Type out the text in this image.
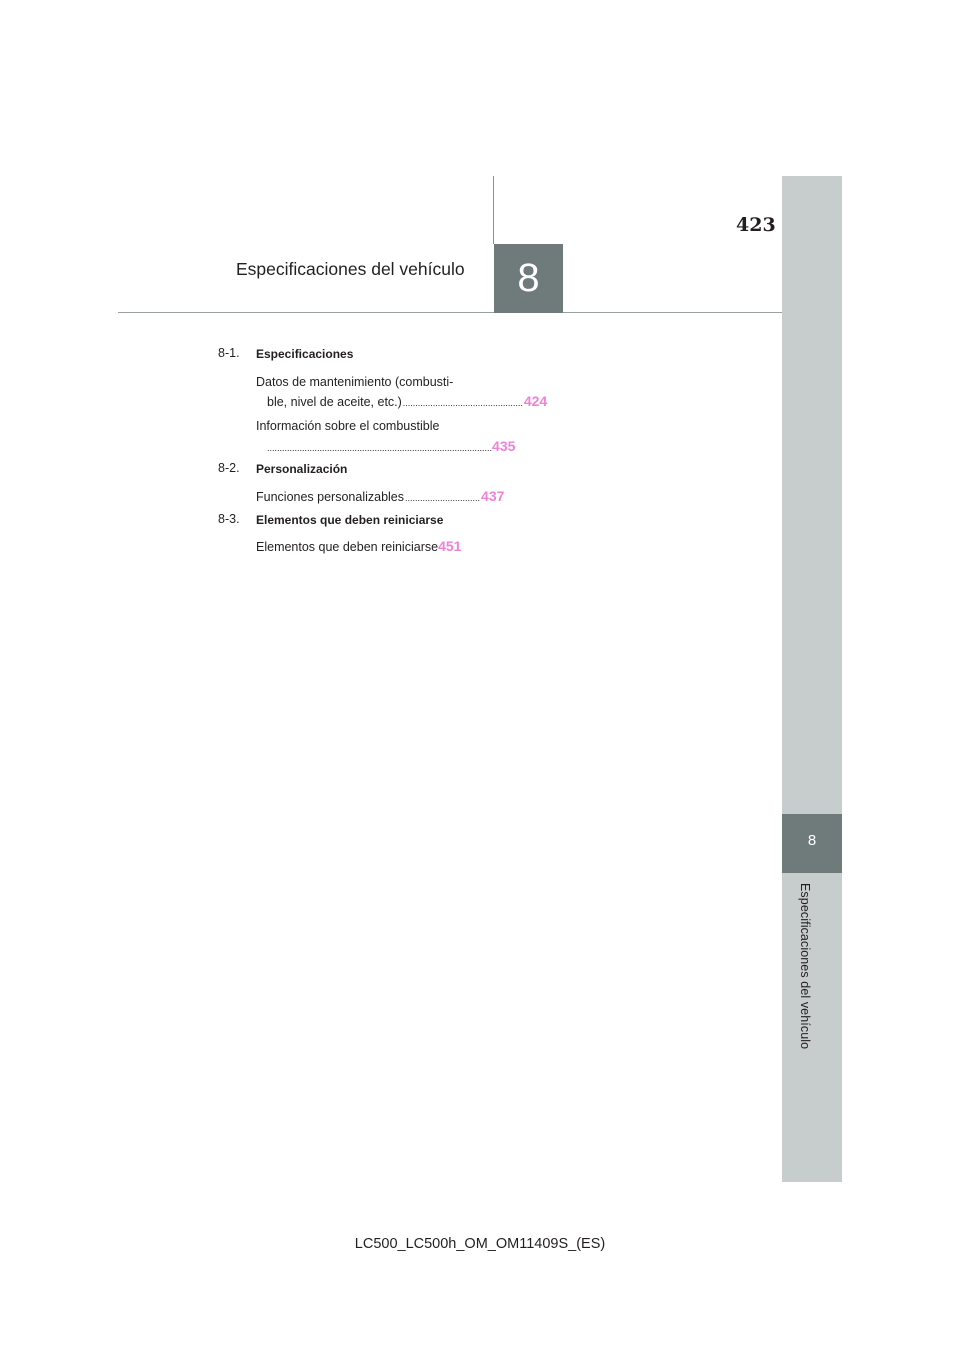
8
Especificaciones del vehículo
8
Especificaciones del vehículo
423
8-1. Especificaciones
Datos de mantenimiento (combusti-
ble, nivel de aceite, etc.) ................................................ 424
Información sobre el combustible
.......................................................................................... 435
8-2. Personalización
Funciones personalizables .............................. 437
8-3. Elementos que deben reiniciarse
Elementos que deben reiniciarse 451
LC500_LC500h_OM_OM11409S_(ES)
